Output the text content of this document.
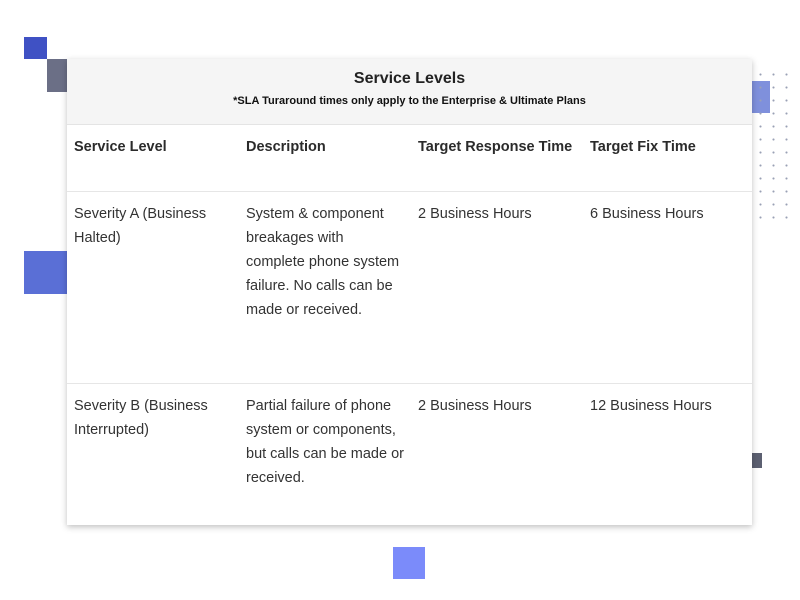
Service Levels
*SLA Turaround times only apply to the Enterprise & Ultimate Plans
Service Level	Description	Target Response Time	Target Fix Time
Severity A (Business Halted)	System & component breakages with complete phone system failure. No calls can be made or received.	2 Business Hours	6 Business Hours
Severity B (Business Interrupted)	Partial failure of phone system or components, but calls can be made or received.	2 Business Hours	12 Business Hours
